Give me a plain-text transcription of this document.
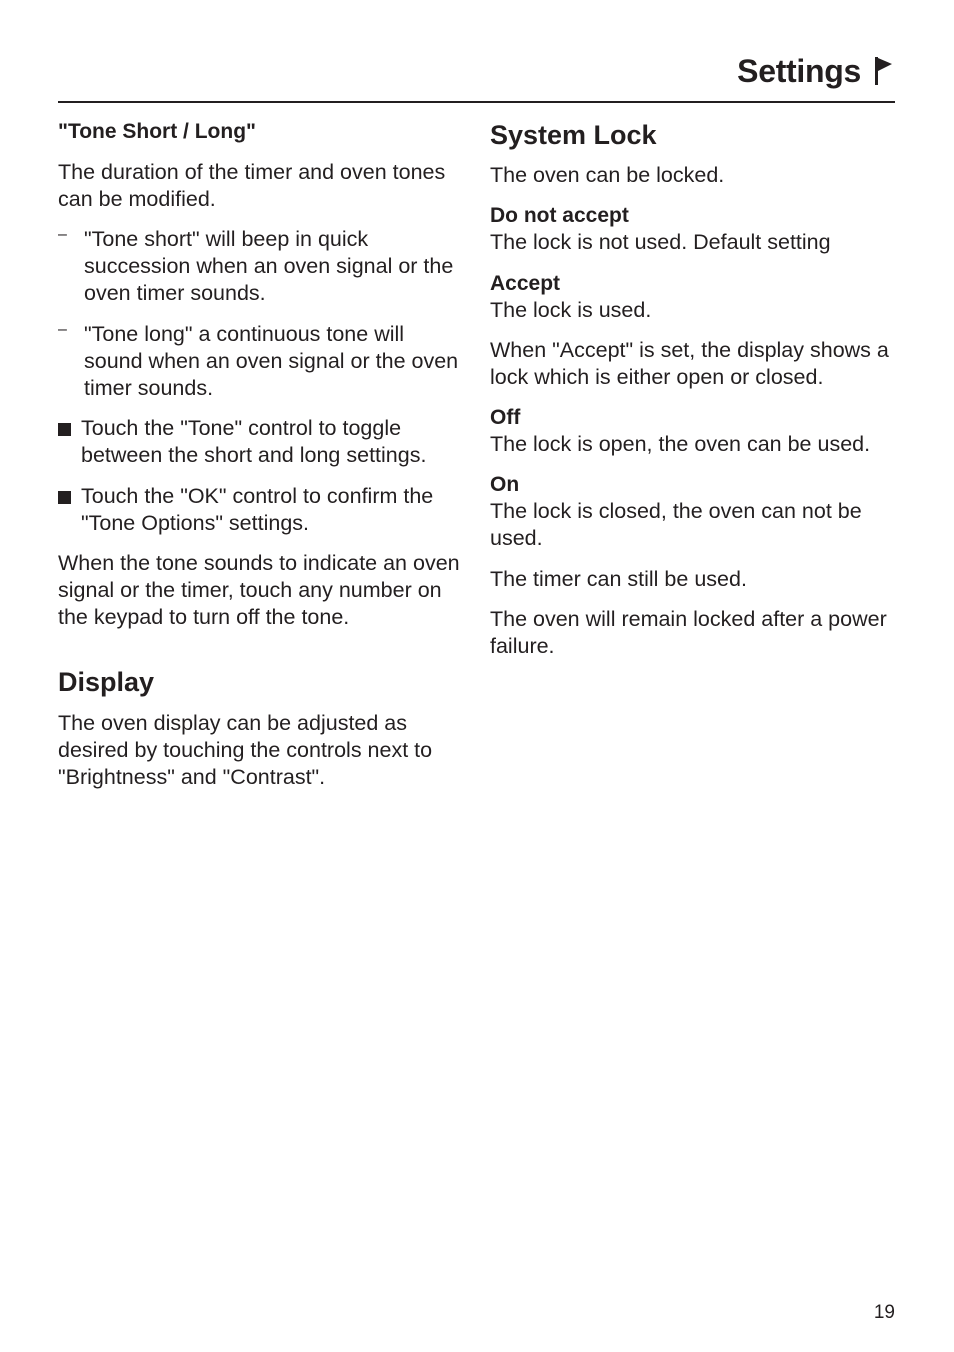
Settings

"Tone Short / Long"

The duration of the timer and oven tones can be modified.

– "Tone short" will beep in quick succession when an oven signal or the oven timer sounds.

– "Tone long" a continuous tone will sound when an oven signal or the oven timer sounds.

Touch the "Tone" control to toggle between the short and long settings.

Touch the "OK" control to confirm the "Tone Options" settings.

When the tone sounds to indicate an oven signal or the timer, touch any number on the keypad to turn off the tone.

Display

The oven display can be adjusted as desired by touching the controls next to "Brightness" and "Contrast".

System Lock

The oven can be locked.

Do not accept

The lock is not used. Default setting

Accept

The lock is used.

When "Accept" is set, the display shows a lock which is either open or closed.

Off

The lock is open, the oven can be used.

On

The lock is closed, the oven can not be used.

The timer can still be used.

The oven will remain locked after a power failure.

19
